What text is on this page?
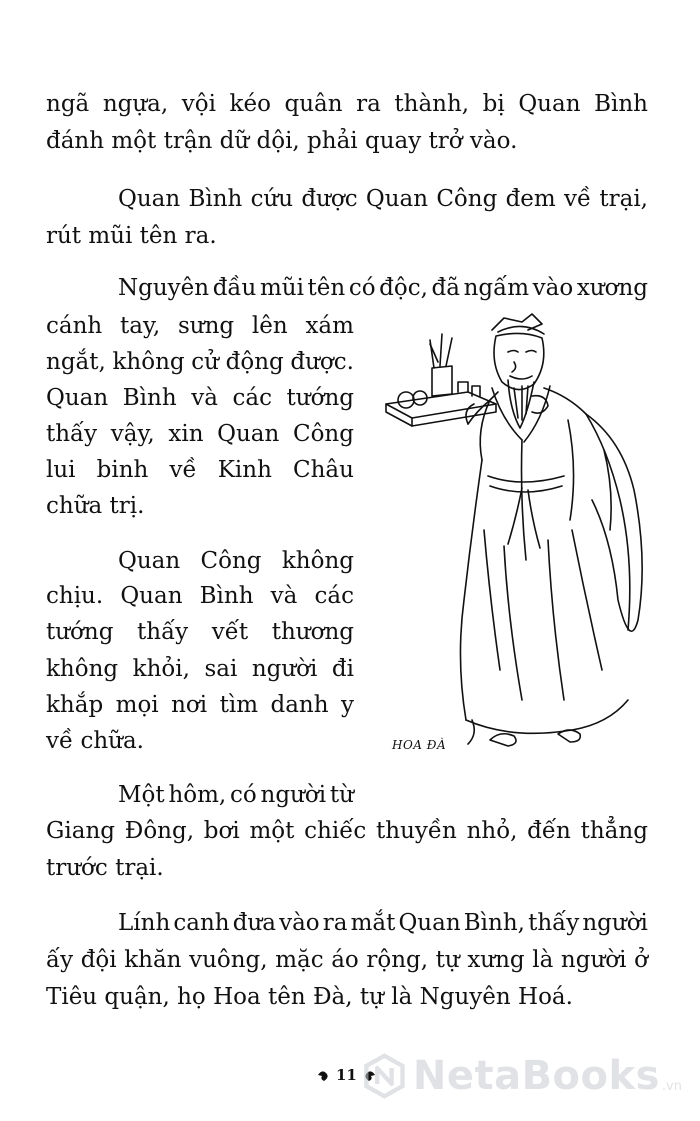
ngã ngựa, vội kéo quân ra thành, bị Quan Bình

đánh một trận dữ dội, phải quay trở vào.

Quan Bình cứu được Quan Công đem về trại,

rút mũi tên ra.

Nguyên đầu mũi tên có độc, đã ngấm vào xương

cánh tay, sưng lên xám

ngắt, không cử động được.

Quan Bình và các tướng

thấy vậy, xin Quan Công

lui binh về Kinh Châu

chữa trị.

Quan Công không

chịu. Quan Bình và các

tướng thấy vết thương

không khỏi, sai người đi

khắp mọi nơi tìm danh y

về chữa.

Một hôm, có người từ

Giang Đông, bơi một chiếc thuyền nhỏ, đến thẳng

trước trại.

Lính canh đưa vào ra mắt Quan Bình, thấy người

ấy đội khăn vuông, mặc áo rộng, tự xưng là người ở

Tiêu quận, họ Hoa tên Đà, tự là Nguyên Hoá.

HOA ĐÀ

11 NetaBooks .vn
